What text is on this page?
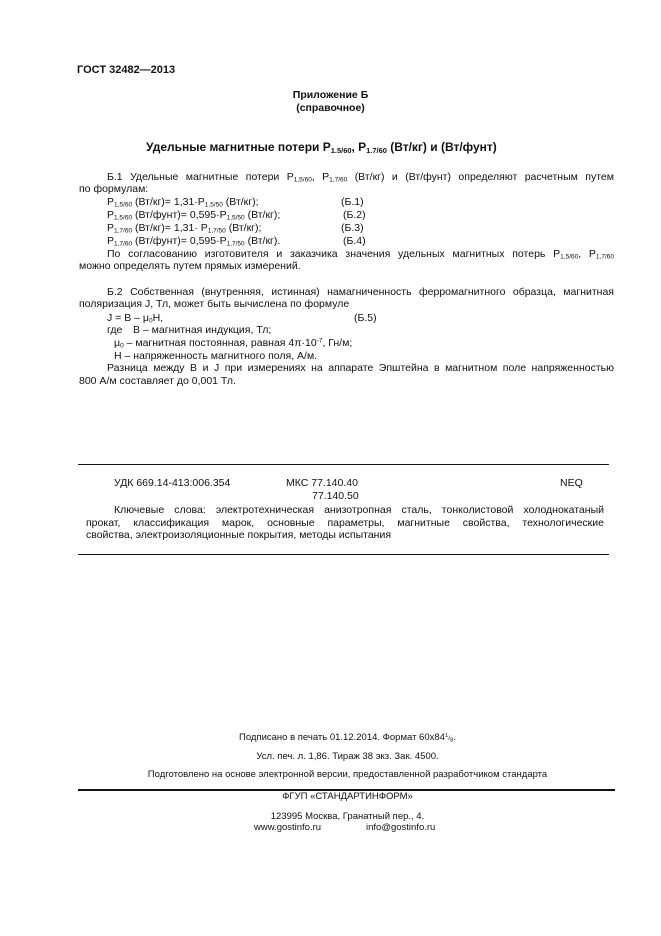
ГОСТ 32482—2013
Приложение Б
(справочное)
Удельные магнитные потери $P_{1.5/60}$, $P_{1.7/60}$ (Вт/кг) и (Вт/фунт)
Б.1 Удельные магнитные потери $P_{1,5/60}$, $P_{1,7/60}$ (Вт/кг) и (Вт/фунт) определяют расчетным путем
по формулам:
$P_{1,5/60}$ $(Вт/кг)= 1,31\cdot P_{1,5/50}$ (Вт/кг);	(Б.1)
$P_{1,5/60}$ (Вт/фунт)= $0,595\cdot P_{1,5/50}$ (Вт/кг);	(Б.2)
$P_{1,7/60}$ $(Вт/кг)= 1,31\cdot P_{1,7/50}$ (Вт/кг);	(Б.3)
$P_{1,7/60}$ (Вт/фунт)= $0,595\cdot P_{1,7/50}$ (Вт/кг).	(Б.4)
По согласованию изготовителя и заказчика значения удельных магнитных потерь $P_{1,5/60}$, $P_{1,7/60}$
можно определять путем прямых измерений.
Б.2 Собственная (внутренняя, истинная) намагниченность ферромагнитного образца, магнитная
поляризация J, Тл, может быть вычислена по формуле
$J = B - \mu_0H$,	(Б.5)
где B – магнитная индукция, Тл;
$\mu_0$ – магнитная постоянная, равная $4\pi\cdot 10^{-7}$, Гн/м;
H – напряженность магнитного поля, А/м.
Разница между B и J при измерениях на аппарате Эпштейна в магнитном поле напряженностью
800 А/м составляет до 0,001 Тл.
УДК 669.14-413:006.354	МКС 77.140.40
77.140.50
NEQ
Ключевые слова: электротехническая анизотропная сталь, тонколистовой холоднокатаный
прокат, классификация марок, основные параметры, магнитные свойства, технологические
свойства, электроизоляционные покрытия, методы испытания
Подписано в печать 01.12.2014. Формат $60x84^1/_8$.
Усл. печ. л. 1,86. Тираж 38 экз. Зак. 4500.
Подготовлено на основе электронной версии, предоставленной разработчиком стандарта
ФГУП «СТАНДАРТИНФОРМ»
123995 Москва, Гранатный пер., 4.
www.gostinfo.ru	info@gostinfo.ru
